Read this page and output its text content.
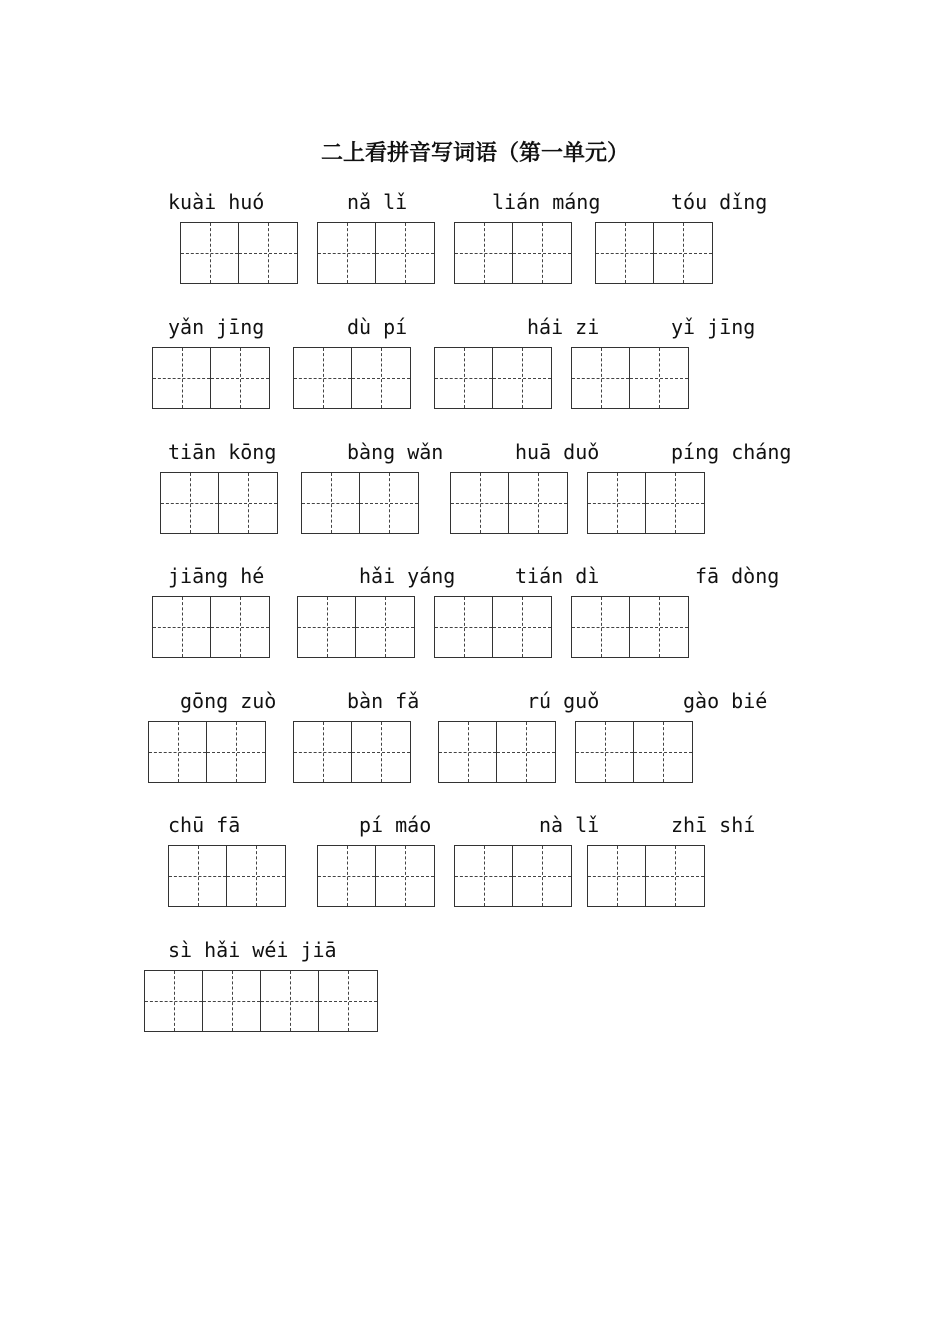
二上看拼音写词语（第一单元）
kuài huó	nǎ lǐ	lián máng	tóu dǐng
yǎn jīng	dù pí	hái zi	yǐ jīng
tiān kōng	bàng wǎn	huā duǒ	píng cháng
jiāng hé	hǎi yáng	tián dì	fā dòng
gōng zuò	bàn fǎ	rú guǒ	gào bié
chū fā	pí máo	nà lǐ	zhī shí
sì hǎi wéi jiā
